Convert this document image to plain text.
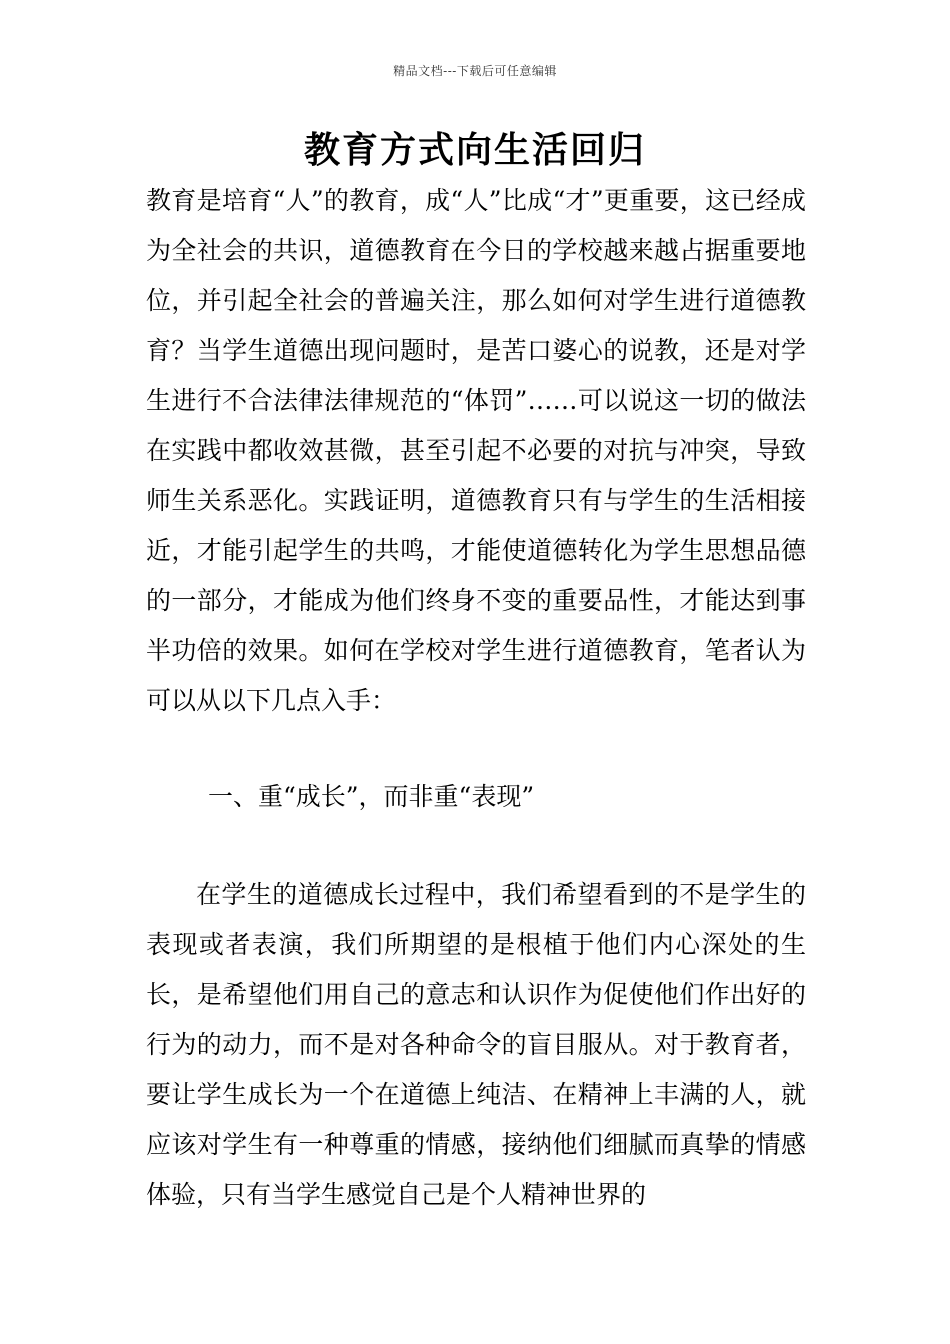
精品文档---下载后可任意编辑
教育方式向生活回归

教育是培育“人”的教育，成“人”比成“才”更重要，这已经成为全社会的共识，道德教育在今日的学校越来越占据重要地位，并引起全社会的普遍关注，那么如何对学生进行道德教育？当学生道德出现问题时，是苦口婆心的说教，还是对学生进行不合法律法律规范的“体罚”……可以说这一切的做法在实践中都收效甚微，甚至引起不必要的对抗与冲突，导致师生关系恶化。实践证明，道德教育只有与学生的生活相接近，才能引起学生的共鸣，才能使道德转化为学生思想品德的一部分，才能成为他们终身不变的重要品性，才能达到事半功倍的效果。如何在学校对学生进行道德教育，笔者认为可以从以下几点入手：

一、重“成长”，而非重“表现”

在学生的道德成长过程中，我们希望看到的不是学生的表现或者表演，我们所期望的是根植于他们内心深处的生长，是希望他们用自己的意志和认识作为促使他们作出好的行为的动力，而不是对各种命令的盲目服从。对于教育者，要让学生成长为一个在道德上纯洁、在精神上丰满的人，就应该对学生有一种尊重的情感，接纳他们细腻而真挚的情感体验，只有当学生感觉自己是个人精神世界的
